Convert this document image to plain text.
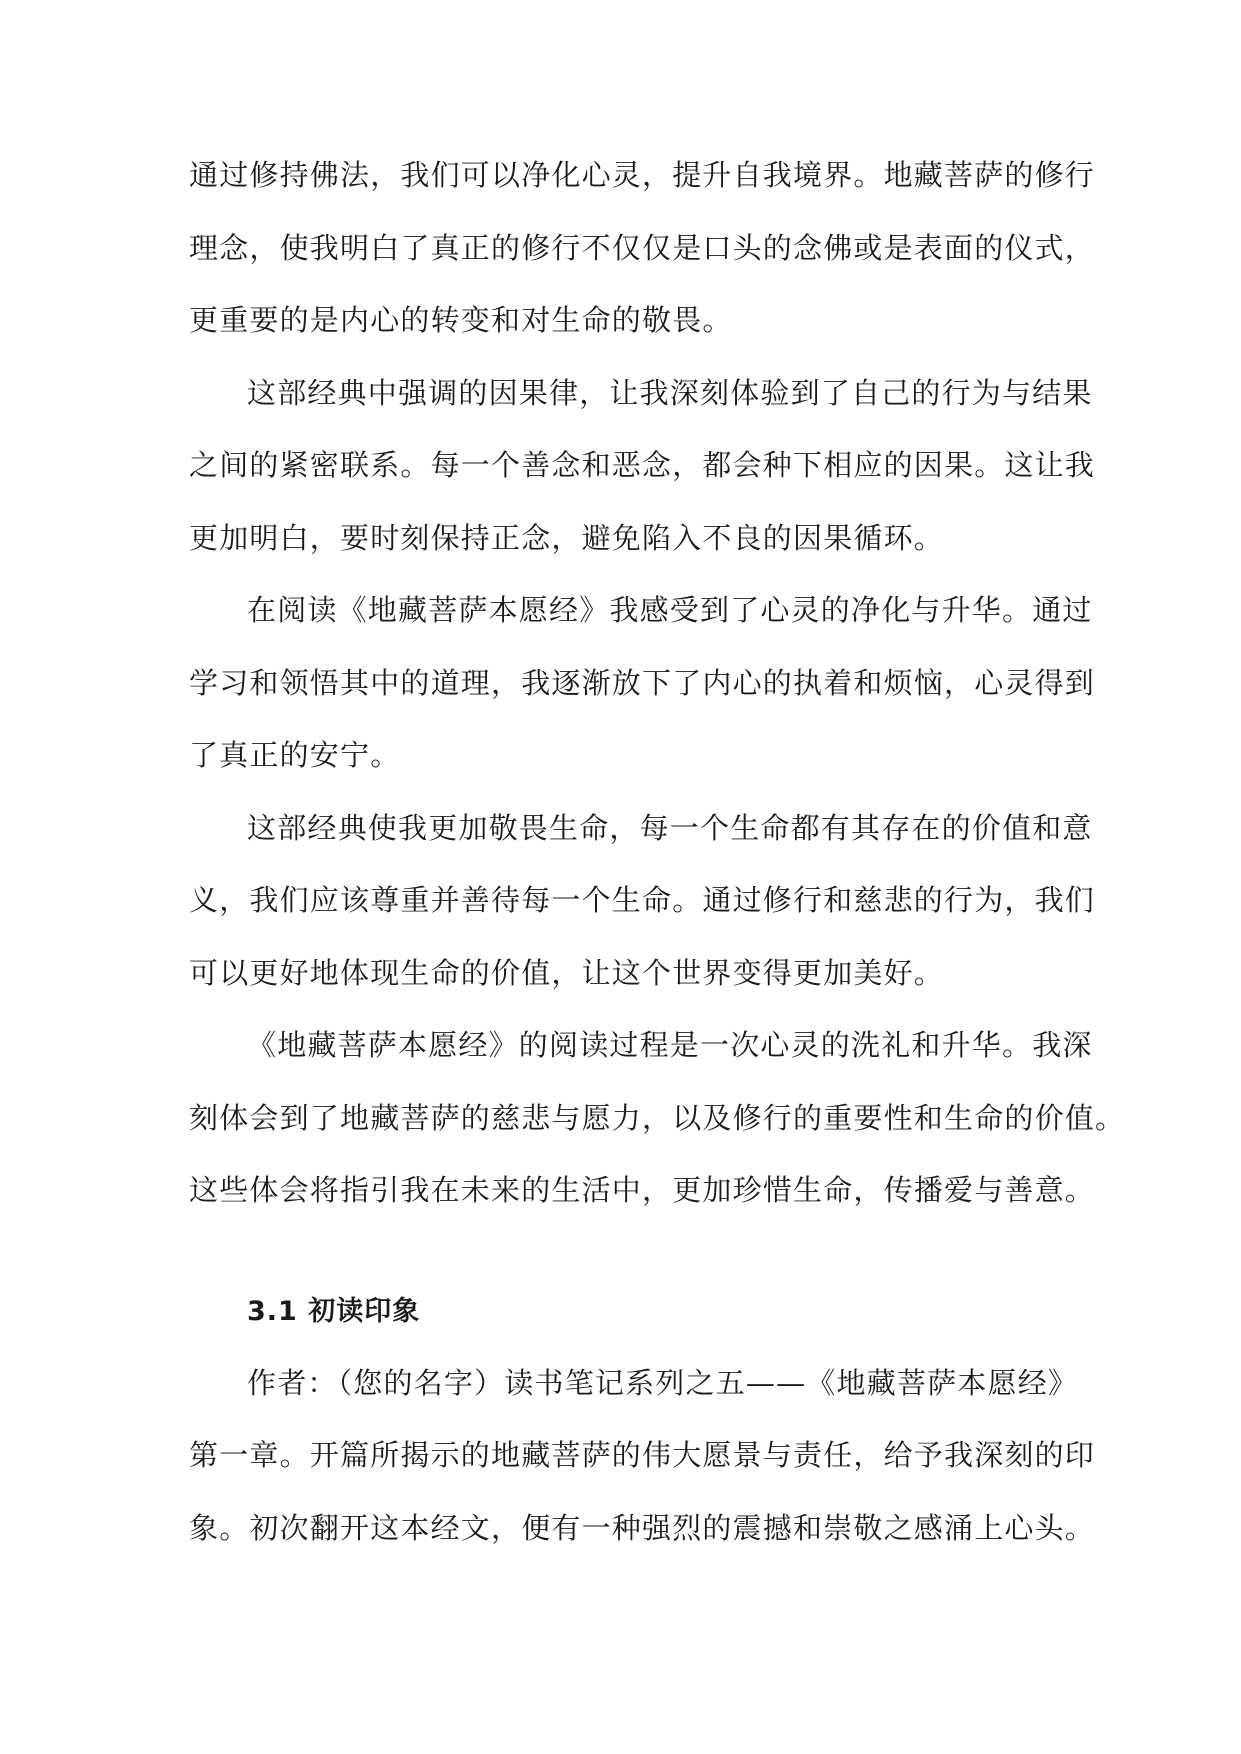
通过修持佛法，我们可以净化心灵，提升自我境界。地藏菩萨的修行
理念，使我明白了真正的修行不仅仅是口头的念佛或是表面的仪式，
更重要的是内心的转变和对生命的敬畏。

这部经典中强调的因果律，让我深刻体验到了自己的行为与结果
之间的紧密联系。每一个善念和恶念，都会种下相应的因果。这让我
更加明白，要时刻保持正念，避免陷入不良的因果循环。

在阅读《地藏菩萨本愿经》我感受到了心灵的净化与升华。通过
学习和领悟其中的道理，我逐渐放下了内心的执着和烦恼，心灵得到
了真正的安宁。

这部经典使我更加敬畏生命，每一个生命都有其存在的价值和意
义，我们应该尊重并善待每一个生命。通过修行和慈悲的行为，我们
可以更好地体现生命的价值，让这个世界变得更加美好。

《地藏菩萨本愿经》的阅读过程是一次心灵的洗礼和升华。我深
刻体会到了地藏菩萨的慈悲与愿力，以及修行的重要性和生命的价值。
这些体会将指引我在未来的生活中，更加珍惜生命，传播爱与善意。

3.1 初读印象

作者：（您的名字）读书笔记系列之五——《地藏菩萨本愿经》
第一章。开篇所揭示的地藏菩萨的伟大愿景与责任，给予我深刻的印
象。初次翻开这本经文，便有一种强烈的震撼和崇敬之感涌上心头。
